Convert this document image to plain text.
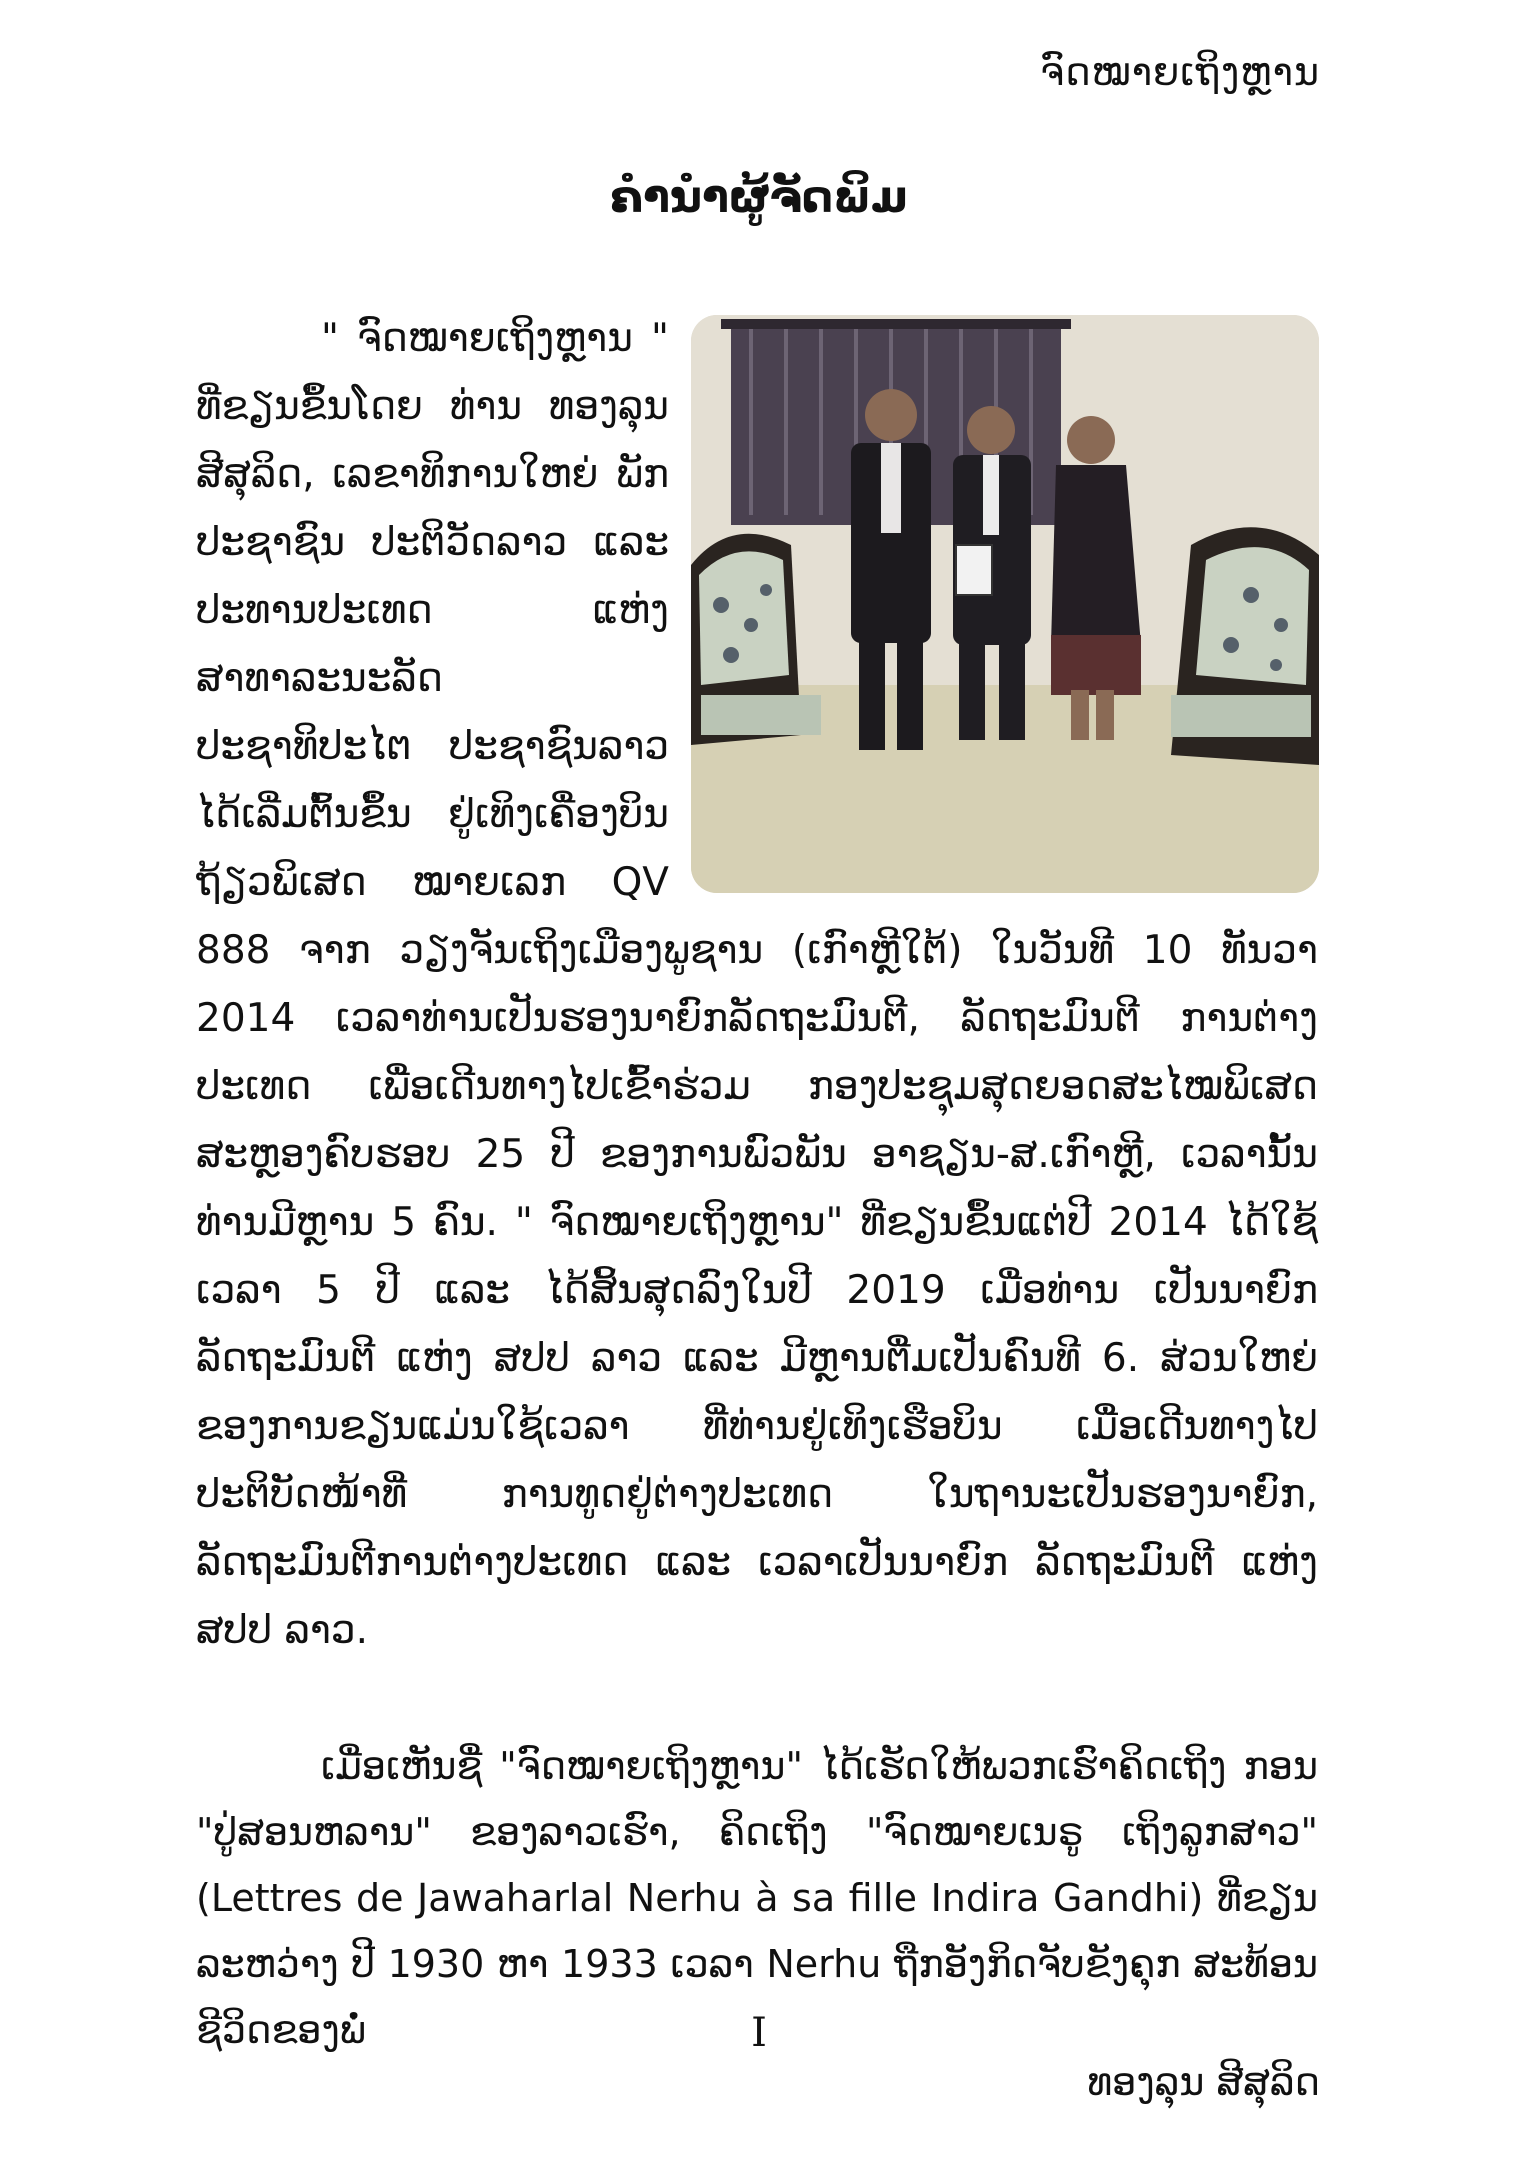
ຈົດໝາຍເຖິງຫຼານ
ຄໍານໍາຜູ້ຈັດພິມ

" ຈົດໝາຍເຖິງຫຼານ " ທີ່ຂຽນຂຶ້ນໂດຍ ທ່ານ ທອງລຸນ ສີສຸລິດ, ເລຂາທິການໃຫຍ່ ພັກປະຊາຊົນ ປະຕິວັດລາວ ແລະ ປະທານປະເທດ ແຫ່ງ ສາທາລະນະລັດ ປະຊາທິປະໄຕ ປະຊາຊົນລາວ ໄດ້ເລີ່ມຕົ້ນຂຶ້ນ ຢູ່ເທິງເຄື່ອງບິນ ຖ້ຽວພິເສດ ໝາຍເລກ QV 888 ຈາກ ວຽງຈັນເຖິງເມືອງພູຊານ (ເກົາຫຼີໃຕ້) ໃນວັນທີ 10 ທັນວາ 2014 ເວລາທ່ານເປັນຮອງນາຍົກລັດຖະມົນຕີ, ລັດຖະມົນຕີ ການຕ່າງປະເທດ ເພື່ອເດີນທາງໄປເຂົ້າຮ່ວມ ກອງປະຊຸມສຸດຍອດສະໄໝພິເສດ ສະຫຼອງຄົບຮອບ 25 ປີ ຂອງການພົວພັນ ອາຊຽນ-ສ.ເກົາຫຼີ, ເວລານັ້ນ ທ່ານມີຫຼານ 5 ຄົນ. " ຈົດໝາຍເຖິງຫຼານ" ທີ່ຂຽນຂຶ້ນແຕ່ປີ 2014 ໄດ້ໃຊ້ເວລາ 5 ປີ ແລະ ໄດ້ສິ້ນສຸດລົງໃນປີ 2019 ເມື່ອທ່ານ ເປັນນາຍົກລັດຖະມົນຕີ ແຫ່ງ ສປປ ລາວ ແລະ ມີຫຼານຕື່ມເປັນຄົນທີ 6. ສ່ວນໃຫຍ່ຂອງການຂຽນແມ່ນໃຊ້ເວລາ ທີ່ທ່ານຢູ່ເທິງເຮືອບິນ ເມື່ອເດີນທາງໄປປະຕິບັດໜ້າທີ່ ການທູດຢູ່ຕ່າງປະເທດ ໃນຖານະເປັນຮອງນາຍົກ, ລັດຖະມົນຕີການຕ່າງປະເທດ ແລະ ເວລາເປັນນາຍົກ ລັດຖະມົນຕີ ແຫ່ງ ສປປ ລາວ.

ເມື່ອເຫັນຊື່ "ຈົດໝາຍເຖິງຫຼານ" ໄດ້ເຮັດໃຫ້ພວກເຮົາຄິດເຖິງ ກອນ "ປູ່ສອນຫລານ" ຂອງລາວເຮົາ, ຄິດເຖິງ "ຈົດໝາຍເນຣູ ເຖິງລູກສາວ" (Lettres de Jawaharlal Nerhu à sa fille Indira Gandhi) ທີ່ຂຽນລະຫວ່າງ ປີ 1930 ຫາ 1933 ເວລາ Nerhu ຖືກອັງກິດຈັບຂັງຄຸກ ສະທ້ອນຊີວິດຂອງພໍ່	I
ທອງລຸນ ສີສຸລິດ
